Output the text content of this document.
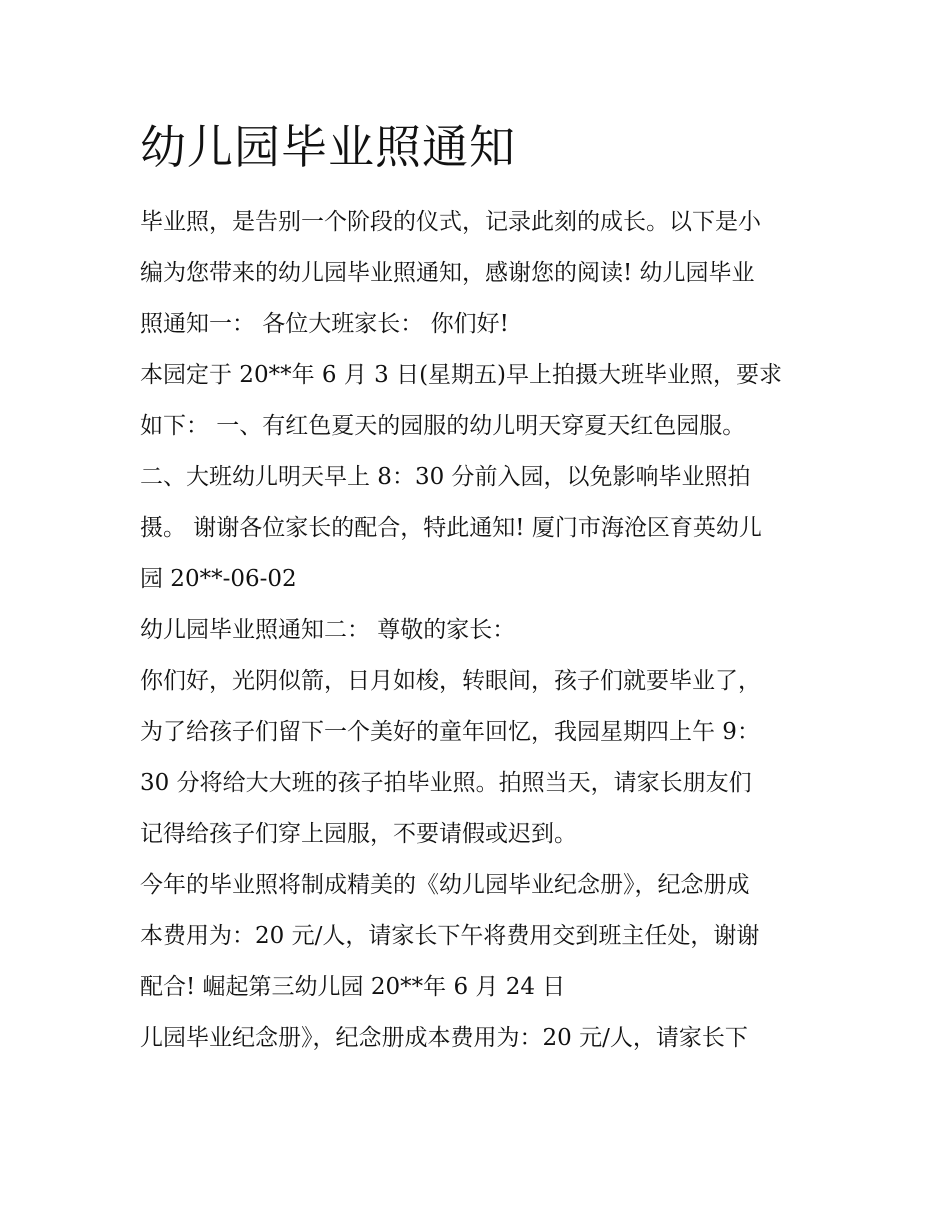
幼儿园毕业照通知

毕业照，是告别一个阶段的仪式，记录此刻的成长。以下是小

编为您带来的幼儿园毕业照通知，感谢您的阅读! 幼儿园毕业

照通知一： 各位大班家长： 你们好!

本园定于 20**年 6 月 3 日(星期五)早上拍摄大班毕业照，要求

如下： 一、有红色夏天的园服的幼儿明天穿夏天红色园服。

二、大班幼儿明天早上 8：30 分前入园，以免影响毕业照拍

摄。 谢谢各位家长的配合，特此通知! 厦门市海沧区育英幼儿

园 20**-06-02

幼儿园毕业照通知二： 尊敬的家长：

你们好，光阴似箭，日月如梭，转眼间，孩子们就要毕业了，

为了给孩子们留下一个美好的童年回忆，我园星期四上午 9：

30 分将给大大班的孩子拍毕业照。拍照当天，请家长朋友们

记得给孩子们穿上园服，不要请假或迟到。

今年的毕业照将制成精美的《幼儿园毕业纪念册》，纪念册成

本费用为：20 元/人，请家长下午将费用交到班主任处，谢谢

配合! 崛起第三幼儿园 20**年 6 月 24 日

儿园毕业纪念册》，纪念册成本费用为：20 元/人，请家长下
